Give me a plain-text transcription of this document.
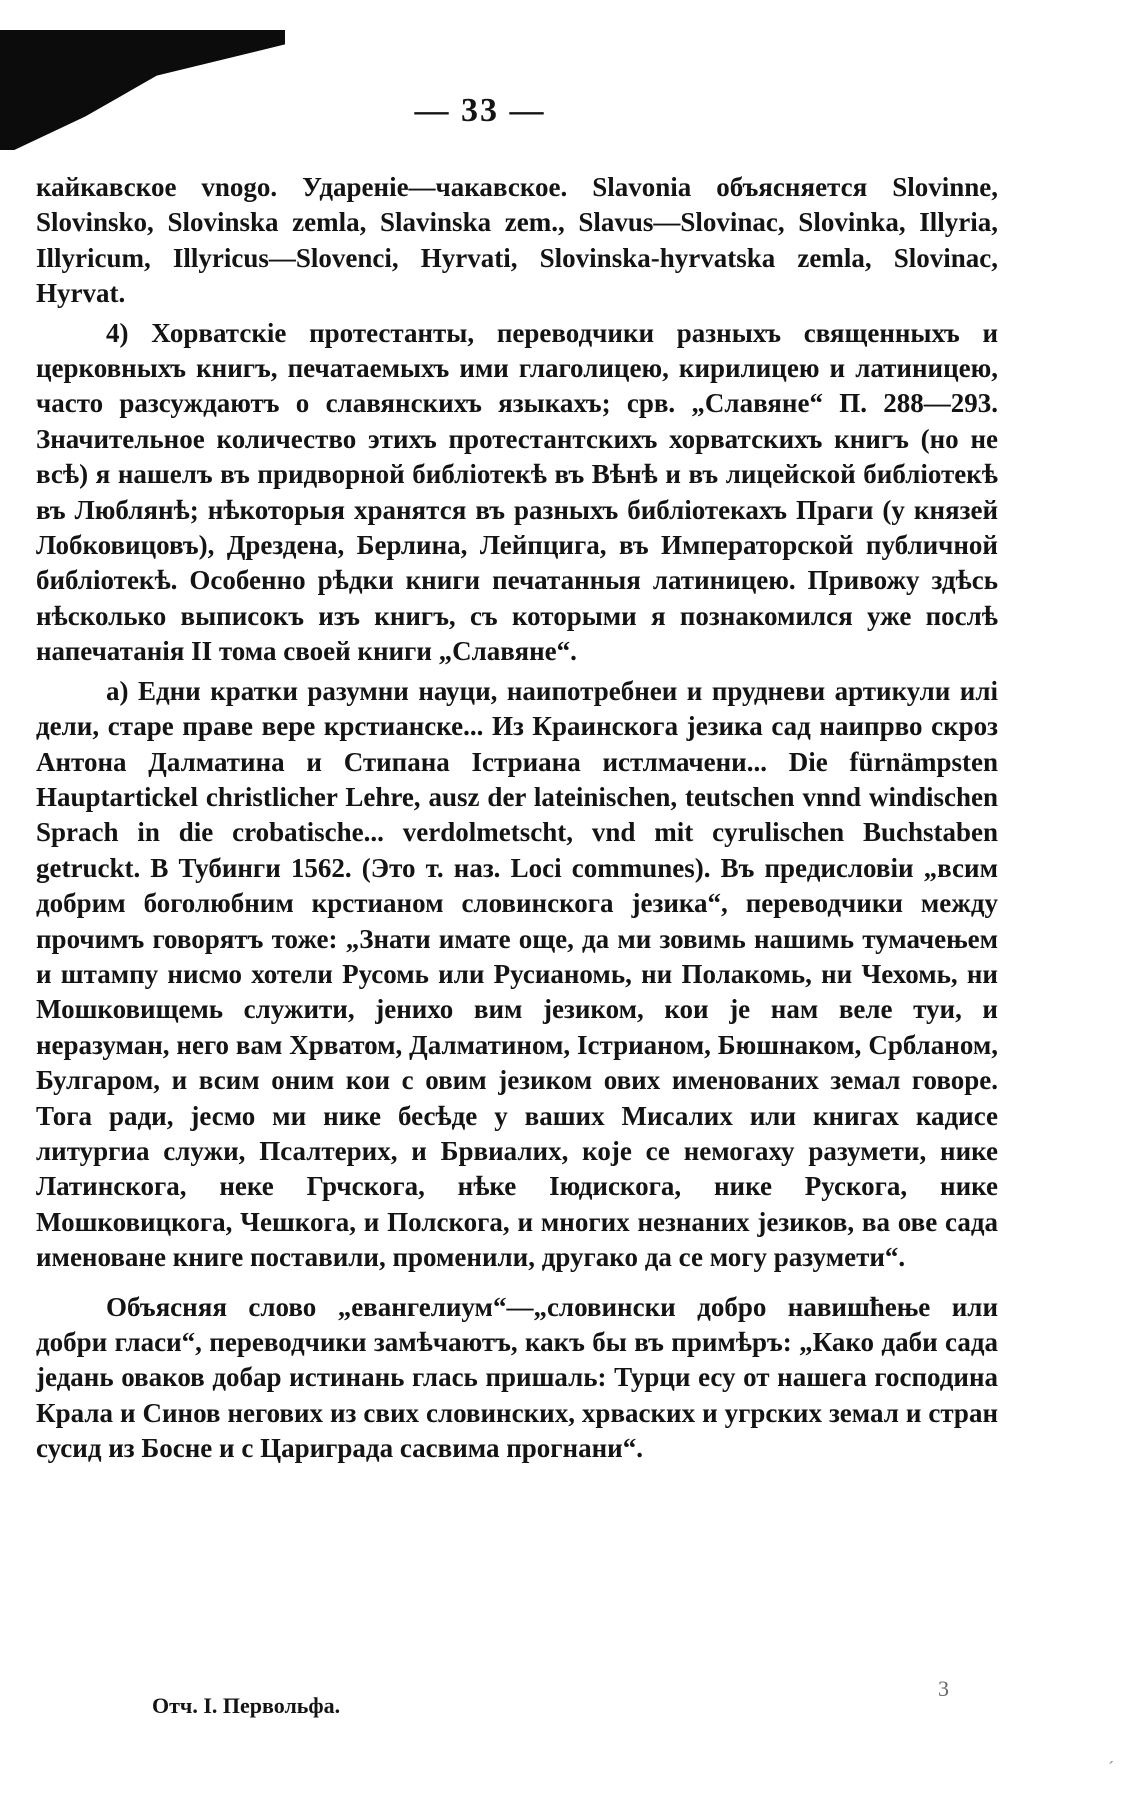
— 33 —

кайкавское vnogo. Удареніе—чакавское. Slavonia объясняется Slovinne, Slovinsko, Slovinska zemla, Slavinska zem., Slavus—Slovinac, Slovinka, Illyria, Illyricum, Illyricus—Slovenci, Hyrvati, Slovinska-hyrvatska zemla, Slovinac, Hyrvat.

4) Хорватскіе протестанты, переводчики разныхъ священныхъ и церковныхъ книгъ, печатаемыхъ ими глаголицею, кирилицею и латиницею, часто разсуждаютъ о славянскихъ языкахъ; срв. „Славяне“ П. 288—293. Значительное количество этихъ протестантскихъ хорватскихъ книгъ (но не всѣ) я нашелъ въ придворной библіотекѣ въ Вѣнѣ и въ лицейской библіотекѣ въ Люблянѣ; нѣкоторыя хранятся въ разныхъ библіотекахъ Праги (у князей Лобковицовъ), Дрездена, Берлина, Лейпцига, въ Императорской публичной библіотекѣ. Особенно рѣдки книги печатанныя латиницею. Привожу здѣсь нѣсколько выписокъ изъ книгъ, съ которыми я познакомился уже послѣ напечатанія II тома своей книги „Славяне“.

а) Едни кратки разумни науци, наипотребнеи и прудневи артикули илі дели, старе праве вере крстианске... Из Краинскога језика сад наипрво скроз Антона Далматина и Стипана Істриана истлмачени... Die fürnämpsten Hauptartickel christlicher Lehre, ausz der lateinischen, teutschen vnnd windischen Sprach in die crobatische... verdolmetscht, vnd mit cyrulischen Buchstaben getruckt. В Тубинги 1562. (Это т. наз. Loci communes). Въ предисловіи „всим добрим боголюбним крстианом словинскога језика“, переводчики между прочимъ говорятъ тоже: „Знати имате още, да ми зовимь нашимь тумачењем и штампу нисмо хотели Русомь или Русианомь, ни Полакомь, ни Чехомь, ни Мошковищемь служити, јенихо вим језиком, кои је нам веле туи, и неразуман, него вам Хрватом, Далматином, Істрианом, Бюшнаком, Србланом, Булгаром, и всим оним кои с овим језиком ових именованих земал говоре. Тога ради, јесмо ми нике бесѣде у ваших Мисалих или книгах кадисе литургиа служи, Псалтерих, и Брвиалих, које се немогаху разумети, нике Латинскога, неке Грчскога, нѣке Іюдискога, нике Рускога, нике Мошковицкога, Чешкога, и Полскога, и многих незнаних језиков, ва ове сада именоване книге поставили, променили, другако да се могу разумети“.

Объясняя слово „евангелиум“—„словински добро навишћење или добри гласи“, переводчики замѣчаютъ, какъ бы въ примѣръ: „Како даби сада једань оваков добар истинань глась пришаль: Турци есу от нашега господина Крала и Синов негових из свих словинских, хрваских и угрских земал и стран сусид из Босне и с Цариграда сасвима прогнани“.

Отч. І. Первольфа.
3
ˊ
